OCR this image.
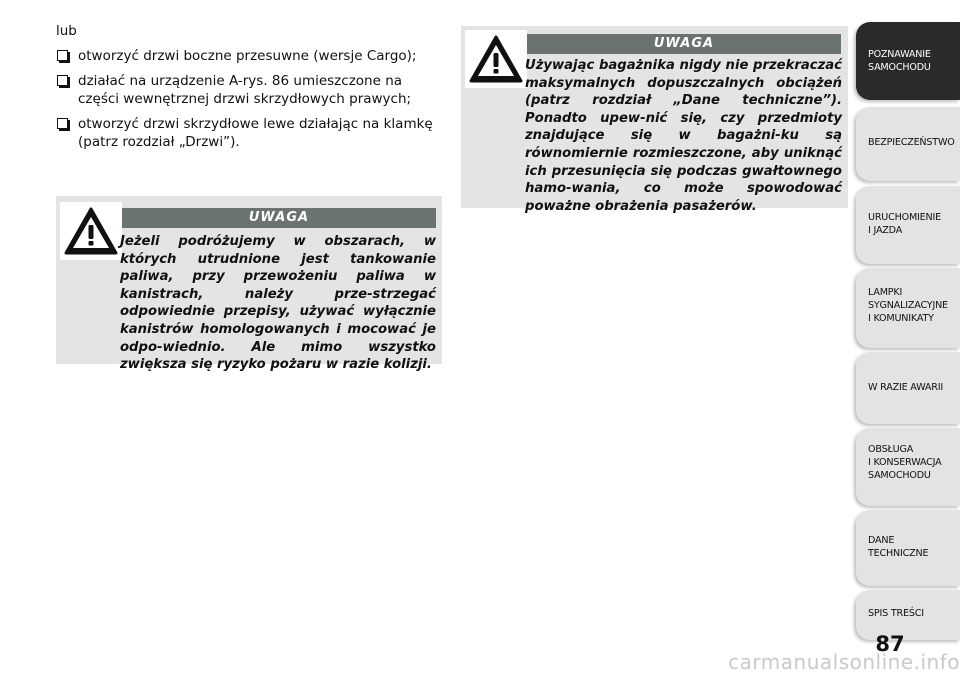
lub

otworzyć drzwi boczne przesuwne (wersje Cargo);
działać na urządzenie A-rys. 86 umieszczone na części wewnętrznej drzwi skrzydłowych prawych;
otworzyć drzwi skrzydłowe lewe działając na klamkę (patrz rozdział „Drzwi”).
UWAGA
Jeżeli podróżujemy w obszarach, w których utrudnione jest tankowanie paliwa, przy przewożeniu paliwa w kanistrach, należy prze-strzegać odpowiednie przepisy, używać wyłącznie kanistrów homologowanych i mocować je odpo-wiednio. Ale mimo wszystko zwiększa się ryzyko pożaru w razie kolizji.
UWAGA
Używając bagażnika nigdy nie przekraczać maksymalnych dopuszczalnych obciążeń (patrz rozdział „Dane techniczne”). Ponadto upew-nić się, czy przedmioty znajdujące się w bagażni-ku są równomiernie rozmieszczone, aby uniknąć ich przesunięcia się podczas gwałtownego hamo-wania, co może spowodować poważne obrażenia pasażerów.
POZNAWANIE
SAMOCHODU
BEZPIECZEŃSTWO
URUCHOMIENIE
I JAZDA
LAMPKI
SYGNALIZACYJNE
I KOMUNIKATY
W RAZIE AWARII
OBSŁUGA
I KONSERWACJA
SAMOCHODU
DANE
TECHNICZNE
SPIS TREŚCI
87
carmanualsonline.info
